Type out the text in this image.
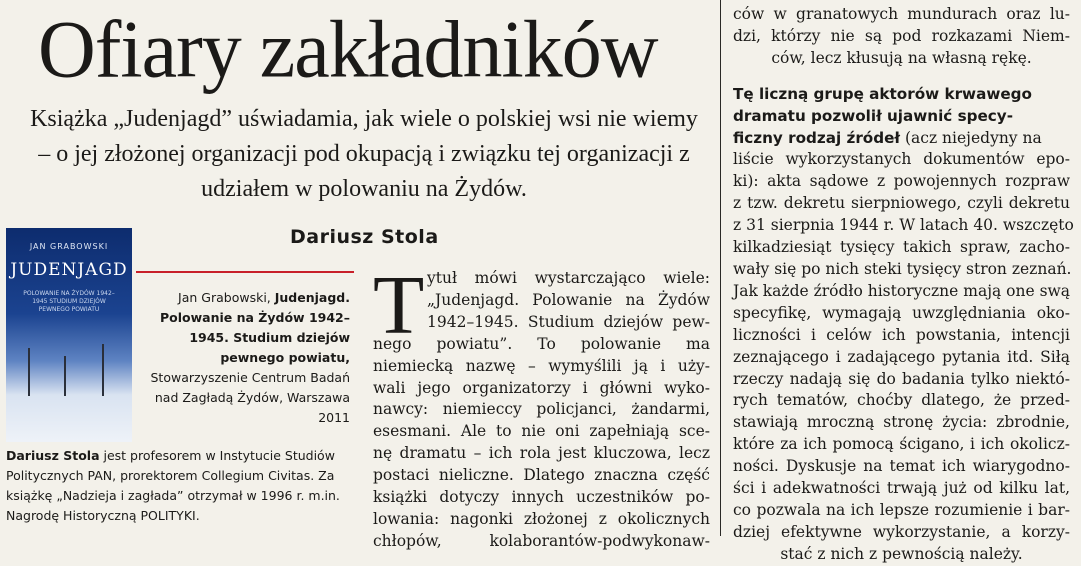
Ofiary zakładników

Książka „Judenjagd” uświadamia, jak wiele o polskiej wsi nie wiemy – o jej złożonej organizacji pod okupacją i związku tej organizacji z udziałem w polowaniu na Żydów.

Dariusz Stola
JAN GRABOWSKI
JUDENJAGD
POLOWANIE NA ŻYDÓW 1942–1945 STUDIUM DZIEJÓW PEWNEGO POWIATU
Jan Grabowski, Judenjagd. Polowanie na Żydów 1942–1945. Studium dziejów pewnego powiatu, Stowarzyszenie Centrum Badań nad Zagładą Żydów, Warszawa 2011
Dariusz Stola jest profesorem w Instytucie Studiów Politycznych PAN, prorektorem Collegium Civitas. Za książkę „Nadzieja i zagłada” otrzymał w 1996 r. m.in. Nagrodę Historyczną POLITYKI.
T ytuł mówi wystarczająco wiele:
„Judenjagd. Polowanie na Żydów
1942–1945. Studium dziejów pew-
nego powiatu”. To polowanie ma
niemiecką nazwę – wymyślili ją i uży-
wali jego organizatorzy i główni wyko-
nawcy: niemieccy policjanci, żandarmi,
esesmani. Ale to nie oni zapełniają sce-
nę dramatu – ich rola jest kluczowa, lecz
postaci nieliczne. Dlatego znaczna część
książki dotyczy innych uczestników po-
lowania: nagonki złożonej z okolicznych
chłopów, kolaborantów-podwykonaw-
ców w granatowych mundurach oraz lu-
dzi, którzy nie są pod rozkazami Niem-
ców, lecz kłusują na własną rękę.
Tę liczną grupę aktorów krwawego
dramatu pozwolił ujawnić specy-
ficzny rodzaj źródeł (acz niejedyny na
liście wykorzystanych dokumentów epo-
ki): akta sądowe z powojennych rozpraw
z tzw. dekretu sierpniowego, czyli dekretu
z 31 sierpnia 1944 r. W latach 40. wszczęto
kilkadziesiąt tysięcy takich spraw, zacho-
wały się po nich steki tysięcy stron zeznań.
Jak każde źródło historyczne mają one swą
specyfikę, wymagają uwzględniania oko-
liczności i celów ich powstania, intencji
zeznającego i zadającego pytania itd. Siłą
rzeczy nadają się do badania tylko niektó-
rych tematów, choćby dlatego, że przed-
stawiają mroczną stronę życia: zbrodnie,
które za ich pomocą ścigano, i ich okolicz-
ności. Dyskusje na temat ich wiarygodno-
ści i adekwatności trwają już od kilku lat,
co pozwala na ich lepsze rozumienie i bar-
dziej efektywne wykorzystanie, a korzy-
stać z nich z pewnością należy.
